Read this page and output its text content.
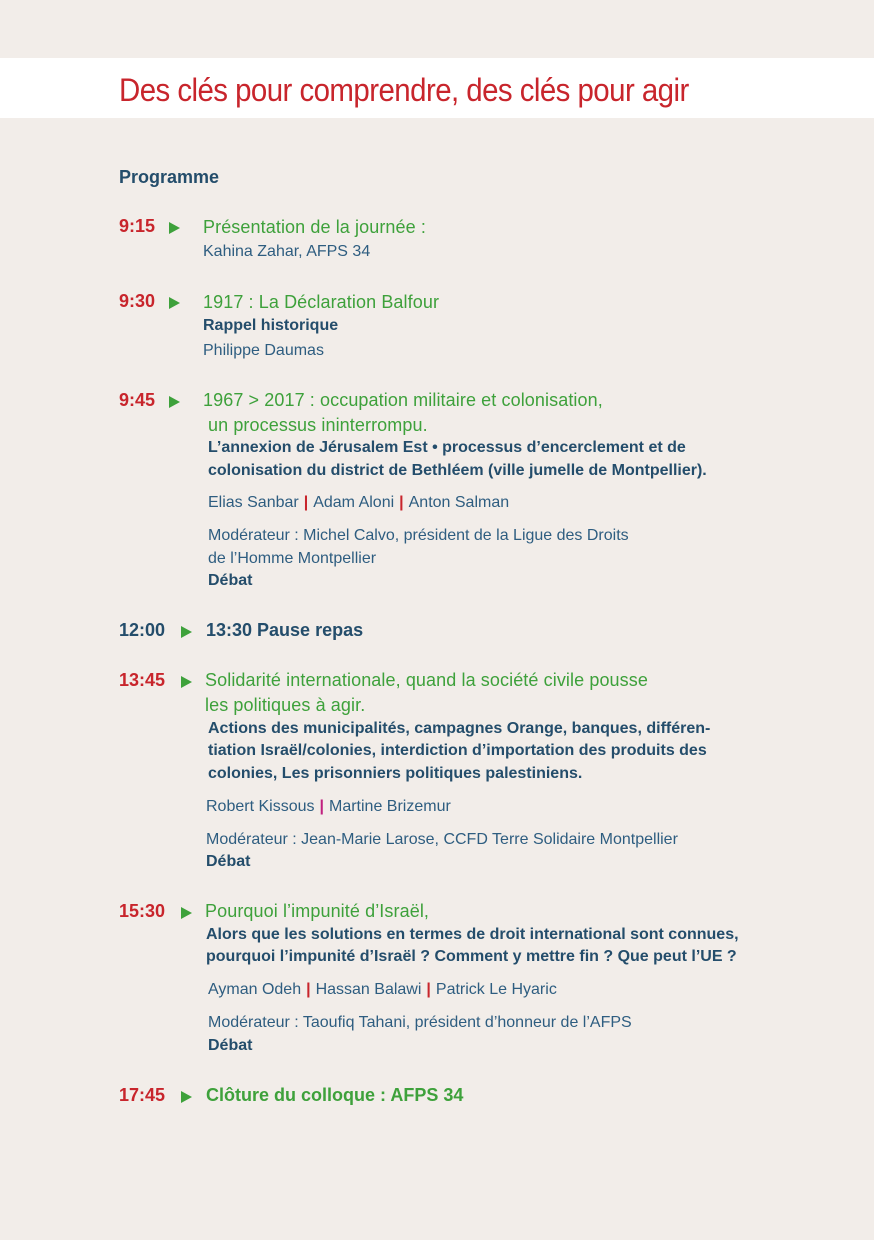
Des clés pour comprendre, des clés pour agir
Programme
9:15	Présentation de la journée :
Kahina Zahar, AFPS 34
9:30	1917 : La Déclaration Balfour
Rappel historique
Philippe Daumas
9:45	1967 > 2017 : occupation militaire et colonisation,
un processus ininterrompu.
L’annexion de Jérusalem Est • processus d’encerclement et de
colonisation du district de Bethléem (ville jumelle de Montpellier).
Elias Sanbar | Adam Aloni | Anton Salman
Modérateur : Michel Calvo, président de la Ligue des Droits
de l’Homme Montpellier
Débat
12:00 13:30 Pause repas
13:45 Solidarité internationale, quand la société civile pousse
les politiques à agir.
Actions des municipalités, campagnes Orange, banques, différen-
tiation Israël/colonies, interdiction d’importation des produits des
colonies, Les prisonniers politiques palestiniens.
Robert Kissous | Martine Brizemur
Modérateur : Jean-Marie Larose, CCFD Terre Solidaire Montpellier
Débat
15:30 Pourquoi l’impunité d’Israël,
Alors que les solutions en termes de droit international sont connues,
pourquoi l’impunité d’Israël ? Comment y mettre fin ? Que peut l’UE ?
Ayman Odeh | Hassan Balawi | Patrick Le Hyaric
Modérateur : Taoufiq Tahani, président d’honneur de l’AFPS
Débat
17:45 Clôture du colloque : AFPS 34
